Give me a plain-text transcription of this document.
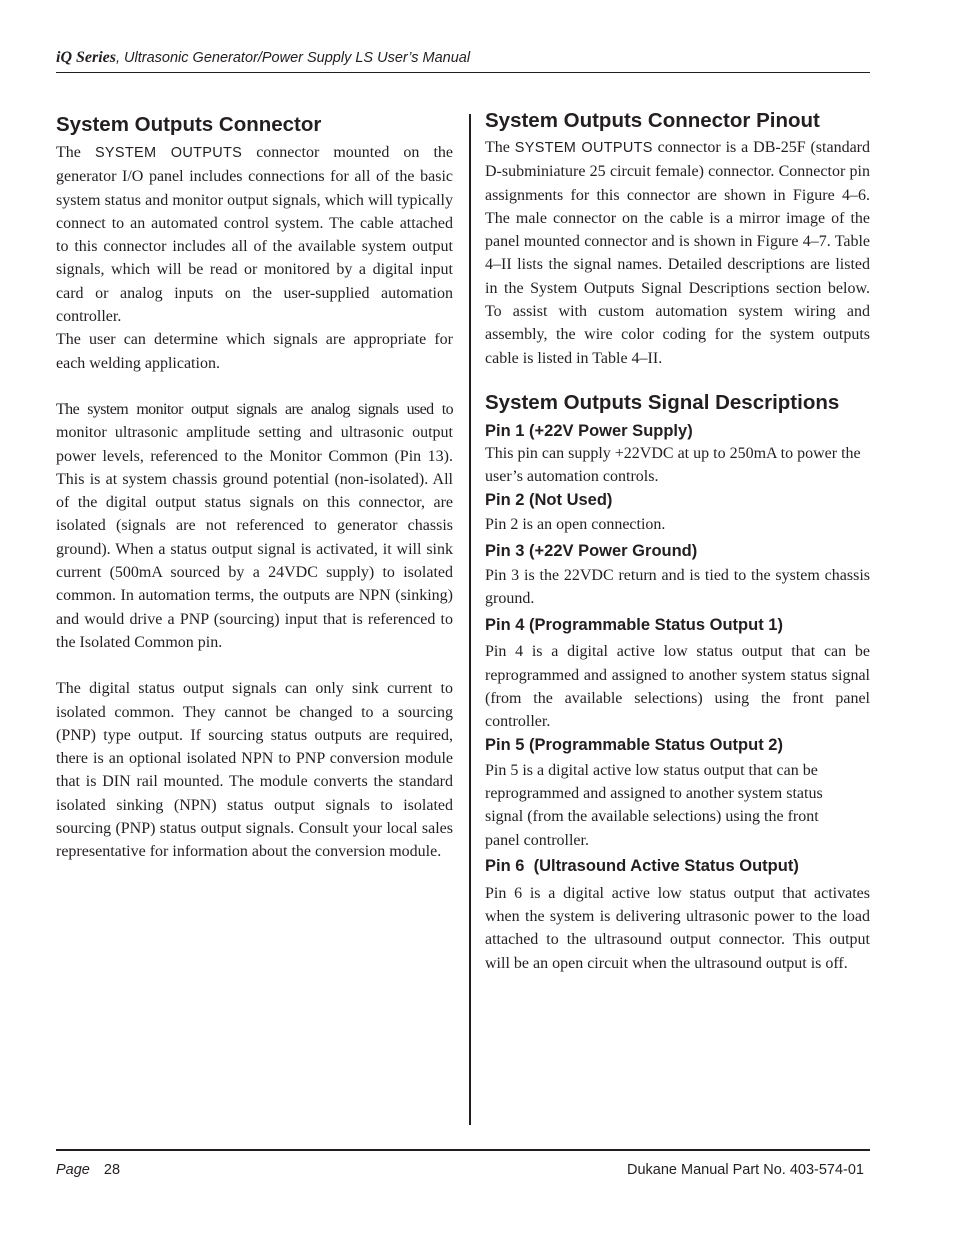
iQ Series, Ultrasonic Generator/Power Supply LS User’s Manual
System Outputs Connector

The SYSTEM OUTPUTS connector mounted on the generator I/O panel includes connections for all of the basic system status and monitor output signals, which will typically connect to an automated control system. The cable attached to this connector includes all of the available system output signals, which will be read or monitored by a digital input card or analog inputs on the user-supplied automation controller.

The user can determine which signals are appropriate for each welding application.

The system monitor output signals are analog signals used to
monitor ultrasonic amplitude setting and ultrasonic output power levels, referenced to the Monitor Common (Pin 13). This is at system chassis ground potential (non-isolated). All of the digital output status signals on this connector, are isolated (signals are not referenced to generator chassis ground). When a status output signal is activated, it will sink current (500mA sourced by a 24VDC supply) to isolated common. In automation terms, the outputs are NPN (sinking) and would drive a PNP (sourcing) input that is referenced to the Isolated Common pin.

The digital status output signals can only sink current to isolated common. They cannot be changed to a sourcing (PNP) type output. If sourcing status outputs are required, there is an optional isolated NPN to PNP conversion module that is DIN rail mounted. The module converts the standard isolated sinking (NPN) status output signals to isolated sourcing (PNP) status output signals. Consult your local sales representative for information about the conversion module.

System Outputs Connector Pinout

The SYSTEM OUTPUTS connector is a DB-25F (standard D-subminiature 25 circuit female) connector. Connector pin assignments for this connector are shown in Figure 4–6. The male connector on the cable is a mirror image of the panel mounted connector and is shown in Figure 4–7. Table 4–II lists the signal names. Detailed descriptions are listed in the System Outputs Signal Descriptions section below. To assist with custom automation system wiring and assembly, the wire color coding for the system outputs cable is listed in Table 4–II.

System Outputs Signal Descriptions
Pin 1 (+22V Power Supply)

This pin can supply +22VDC at up to 250mA to power the user’s automation controls.

Pin 2 (Not Used)

Pin 2 is an open connection.

Pin 3 (+22V Power Ground)

Pin 3 is the 22VDC return and is tied to the system chassis ground.

Pin 4 (Programmable Status Output 1)

Pin 4 is a digital active low status output that can be reprogrammed and assigned to another system status signal (from the available selections) using the front panel controller.

Pin 5 (Programmable Status Output 2)

Pin 5 is a digital active low status output that can be reprogrammed and assigned to another system status signal (from the available selections) using the front panel controller.

Pin 6  (Ultrasound Active Status Output)

Pin 6 is a digital active low status output that activates when the system is delivering ultrasonic power to the load attached to the ultrasound output connector. This output will be an open circuit when the ultrasound output is off.

Page 28	Dukane Manual Part No. 403-574-01
